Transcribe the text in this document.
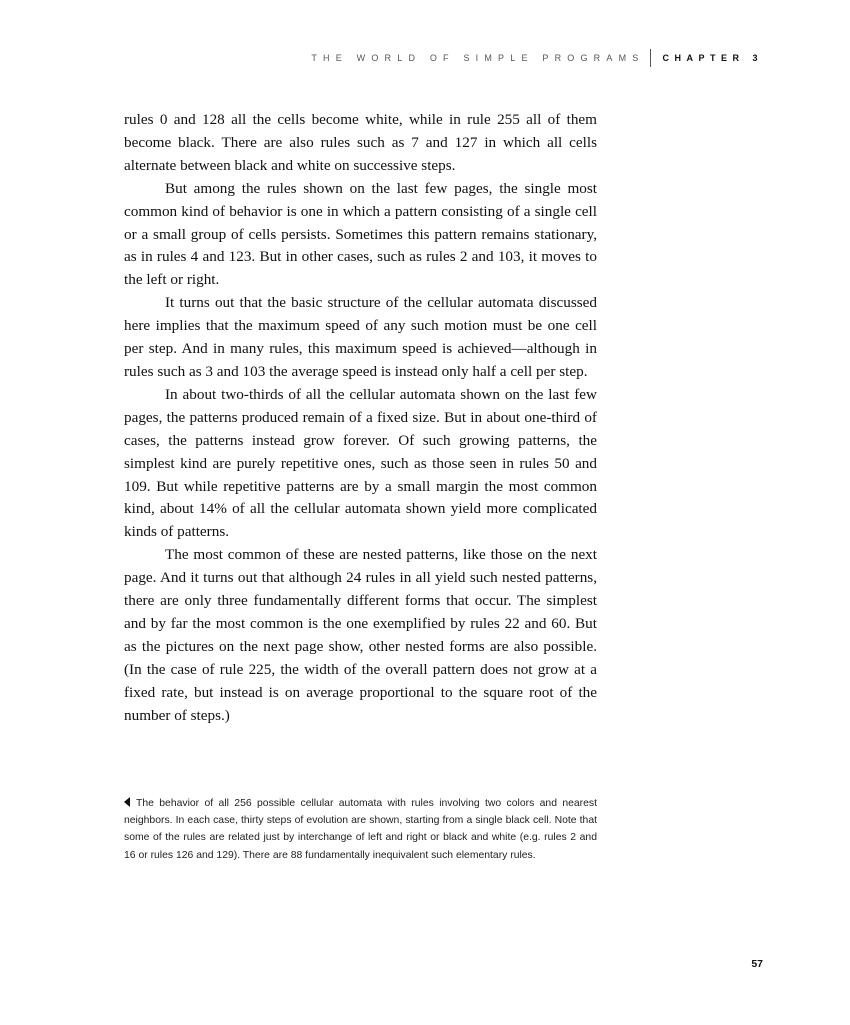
THE WORLD OF SIMPLE PROGRAMS CHAPTER 3

rules 0 and 128 all the cells become white, while in rule 255 all of them become black. There are also rules such as 7 and 127 in which all cells alternate between black and white on successive steps.

But among the rules shown on the last few pages, the single most common kind of behavior is one in which a pattern consisting of a single cell or a small group of cells persists. Sometimes this pattern remains stationary, as in rules 4 and 123. But in other cases, such as rules 2 and 103, it moves to the left or right.

It turns out that the basic structure of the cellular automata discussed here implies that the maximum speed of any such motion must be one cell per step. And in many rules, this maximum speed is achieved—although in rules such as 3 and 103 the average speed is instead only half a cell per step.

In about two-thirds of all the cellular automata shown on the last few pages, the patterns produced remain of a fixed size. But in about one-third of cases, the patterns instead grow forever. Of such growing patterns, the simplest kind are purely repetitive ones, such as those seen in rules 50 and 109. But while repetitive patterns are by a small margin the most common kind, about 14% of all the cellular automata shown yield more complicated kinds of patterns.

The most common of these are nested patterns, like those on the next page. And it turns out that although 24 rules in all yield such nested patterns, there are only three fundamentally different forms that occur. The simplest and by far the most common is the one exemplified by rules 22 and 60. But as the pictures on the next page show, other nested forms are also possible. (In the case of rule 225, the width of the overall pattern does not grow at a fixed rate, but instead is on average proportional to the square root of the number of steps.)

The behavior of all 256 possible cellular automata with rules involving two colors and nearest neighbors. In each case, thirty steps of evolution are shown, starting from a single black cell. Note that some of the rules are related just by interchange of left and right or black and white (e.g. rules 2 and 16 or rules 126 and 129). There are 88 fundamentally inequivalent such elementary rules.
57
